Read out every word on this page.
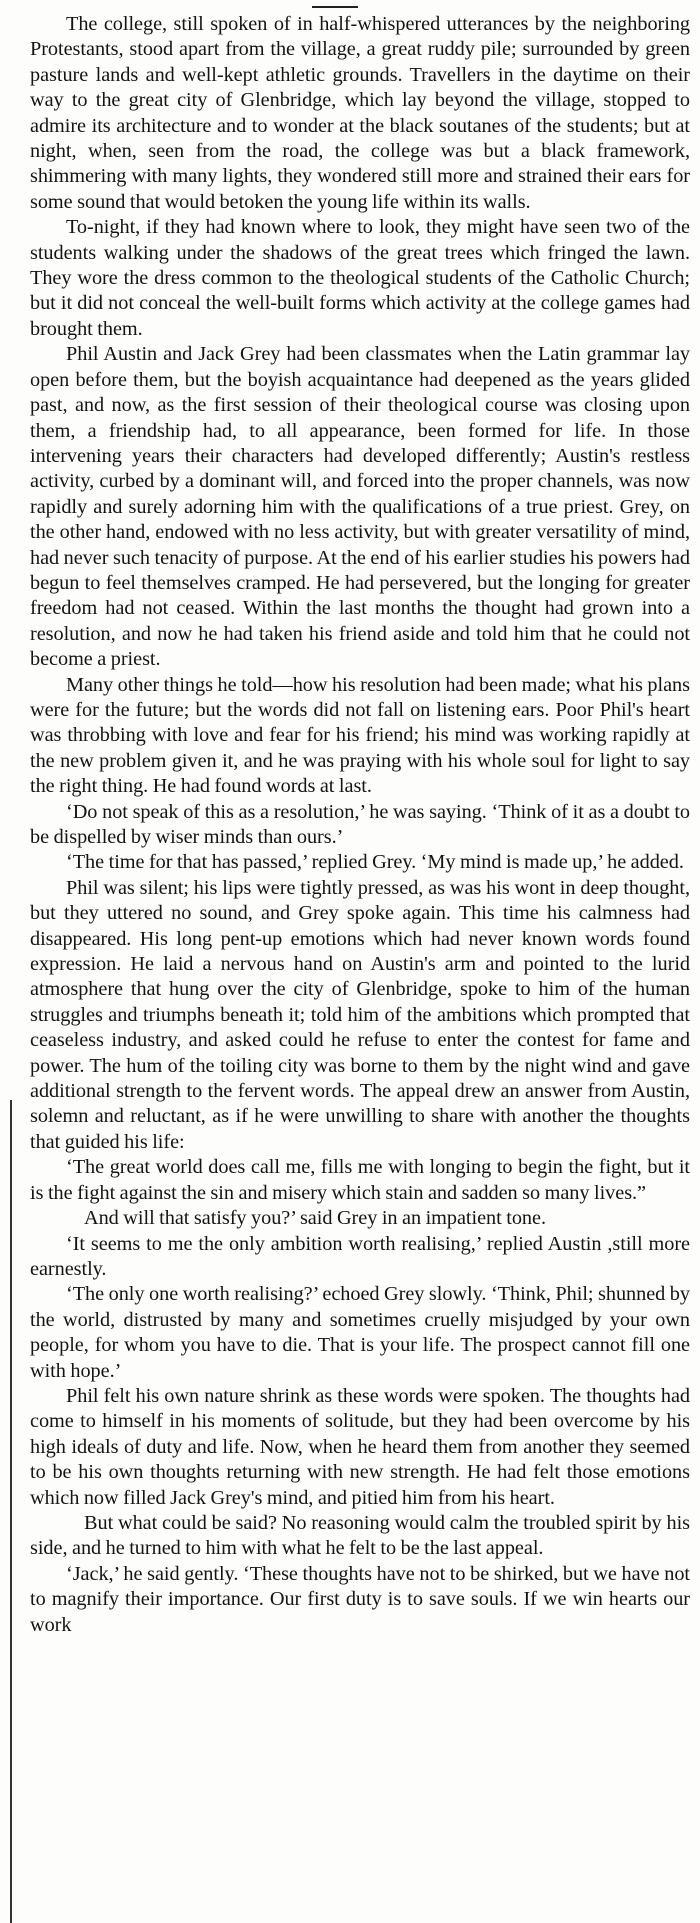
The college, still spoken of in half-whispered utterances by the neighboring Protestants, stood apart from the village, a great ruddy pile; surrounded by green pasture lands and well-kept athletic grounds. Travellers in the daytime on their way to the great city of Glenbridge, which lay beyond the village, stopped to admire its architecture and to wonder at the black soutanes of the students; but at night, when, seen from the road, the college was but a black framework, shimmering with many lights, they wondered still more and strained their ears for some sound that would betoken the young life within its walls.

To-night, if they had known where to look, they might have seen two of the students walking under the shadows of the great trees which fringed the lawn. They wore the dress common to the theological students of the Catholic Church; but it did not conceal the well-built forms which activity at the college games had brought them.

Phil Austin and Jack Grey had been classmates when the Latin grammar lay open before them, but the boyish acquaintance had deepened as the years glided past, and now, as the first session of their theological course was closing upon them, a friendship had, to all appearance, been formed for life. In those intervening years their characters had developed differently; Austin's restless activity, curbed by a dominant will, and forced into the proper channels, was now rapidly and surely adorning him with the qualifications of a true priest. Grey, on the other hand, endowed with no less activity, but with greater versatility of mind, had never such tenacity of purpose. At the end of his earlier studies his powers had begun to feel themselves cramped. He had persevered, but the longing for greater freedom had not ceased. Within the last months the thought had grown into a resolution, and now he had taken his friend aside and told him that he could not become a priest.

Many other things he told—how his resolution had been made; what his plans were for the future; but the words did not fall on listening ears. Poor Phil's heart was throbbing with love and fear for his friend; his mind was working rapidly at the new problem given it, and he was praying with his whole soul for light to say the right thing. He had found words at last.

‘Do not speak of this as a resolution,’ he was saying. ‘Think of it as a doubt to be dispelled by wiser minds than ours.’

‘The time for that has passed,’ replied Grey. ‘My mind is made up,’ he added.

Phil was silent; his lips were tightly pressed, as was his wont in deep thought, but they uttered no sound, and Grey spoke again. This time his calmness had disappeared. His long pent-up emotions which had never known words found expression. He laid a nervous hand on Austin's arm and pointed to the lurid atmosphere that hung over the city of Glenbridge, spoke to him of the human struggles and triumphs beneath it; told him of the ambitions which prompted that ceaseless industry, and asked could he refuse to enter the contest for fame and power. The hum of the toiling city was borne to them by the night wind and gave additional strength to the fervent words. The appeal drew an answer from Austin, solemn and reluctant, as if he were unwilling to share with another the thoughts that guided his life:

‘The great world does call me, fills me with longing to begin the fight, but it is the fight against the sin and misery which stain and sadden so many lives.”

And will that satisfy you?’ said Grey in an impatient tone.

‘It seems to me the only ambition worth realising,’ replied Austin ,still more earnestly.

‘The only one worth realising?’ echoed Grey slowly. ‘Think, Phil; shunned by the world, distrusted by many and sometimes cruelly misjudged by your own people, for whom you have to die. That is your life. The prospect cannot fill one with hope.’

Phil felt his own nature shrink as these words were spoken. The thoughts had come to himself in his moments of solitude, but they had been overcome by his high ideals of duty and life. Now, when he heard them from another they seemed to be his own thoughts returning with new strength. He had felt those emotions which now filled Jack Grey's mind, and pitied him from his heart.

But what could be said? No reasoning would calm the troubled spirit by his side, and he turned to him with what he felt to be the last appeal.

‘Jack,’ he said gently. ‘These thoughts have not to be shirked, but we have not to magnify their importance. Our first duty is to save souls. If we win hearts our work
